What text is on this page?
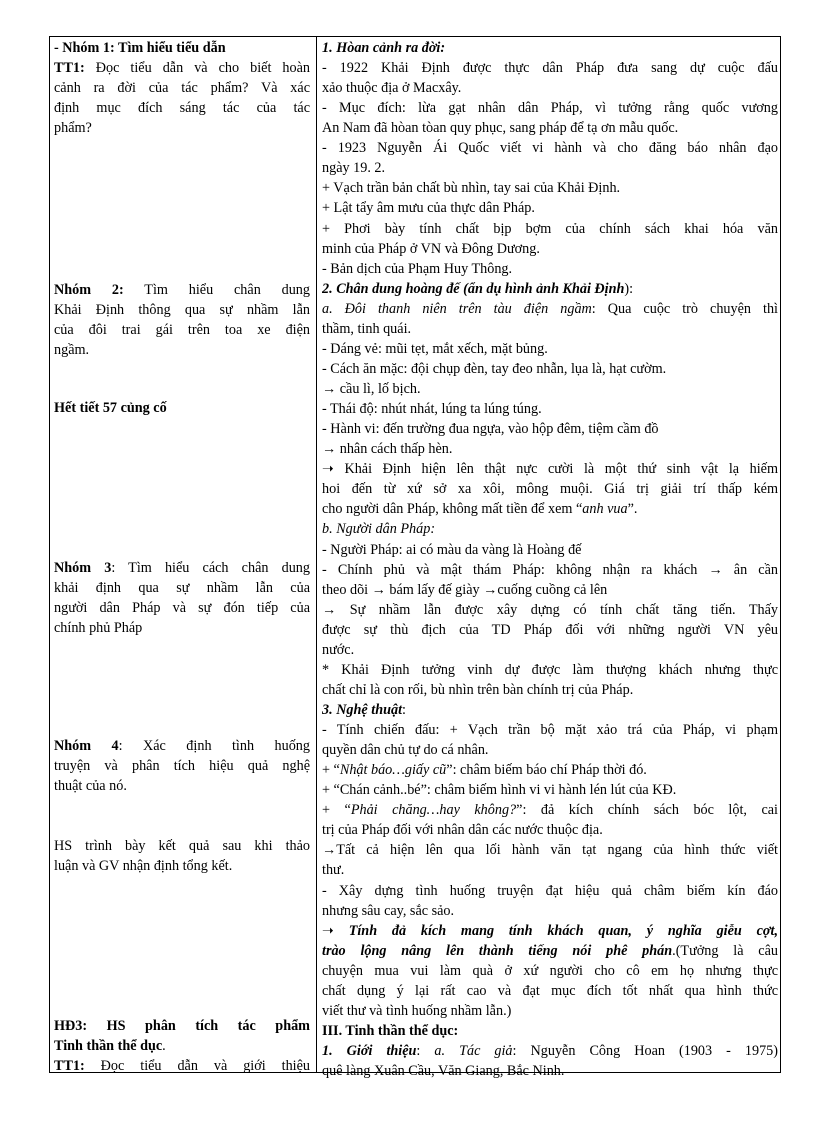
- Nhóm 1: Tìm hiểu tiểu dẫn
TT1: Đọc tiểu dẫn và cho biết hoàn
cảnh ra đời của tác phẩm? Và xác
định mục đích sáng tác của tác
phẩm?
Nhóm 2: Tìm hiểu chân dung
Khải Định thông qua sự nhầm lẫn
của đôi trai gái trên toa xe điện
ngầm.
Hết tiết 57 củng cố
Nhóm 3: Tìm hiểu cách chân dung
khải định qua sự nhầm lẫn của
người dân Pháp và sự đón tiếp của
chính phủ Pháp
Nhóm 4: Xác định tình huống
truyện và phân tích hiệu quả nghệ
thuật của nó.
HS trình bày kết quả sau khi thảo
luận và GV nhận định tổng kết.
HĐ3: HS phân tích tác phẩm
Tinh thần thể dục.
TT1: Đọc tiểu dẫn và giới thiệu
1. Hòan cảnh ra đời:
- 1922 Khải Định được thực dân Pháp đưa sang dự cuộc đấu
xảo thuộc địa ở Macxây.
- Mục đích: lừa gạt nhân dân Pháp, vì tưởng rằng quốc vương
An Nam đã hòan tòan quy phục, sang pháp để tạ ơn mẫu quốc.
- 1923 Nguyễn Ái Quốc viết vi hành và cho đăng báo nhân đạo
ngày 19. 2.
+ Vạch trần bản chất bù nhìn, tay sai của Khải Định.
+ Lật tẩy âm mưu của thực dân Pháp.
+ Phơi bày tính chất bịp bợm của chính sách khai hóa văn
minh của Pháp ở VN và Đông Dương.
- Bản dịch của Phạm Huy Thông.
2. Chân dung hoàng đế (ẩn dụ hình ảnh Khải Định):
a. Đôi thanh niên trên tàu điện ngầm: Qua cuộc trò chuyện thì
thầm, tinh quái.
- Dáng vẻ: mũi tẹt, mắt xếch, mặt bủng.
- Cách ăn mặc: đội chụp đèn, tay đeo nhẫn, lụa là, hạt cườm.
→ cầu lì, lố bịch.
- Thái độ: nhút nhát, lúng ta lúng túng.
- Hành vi: đến trường đua ngựa, vào hộp đêm, tiệm cầm đồ
→ nhân cách thấp hèn.
➝ Khải Định hiện lên thật nực cười là một thứ sinh vật lạ hiếm
hoi đến từ xứ sở xa xôi, mông muội. Giá trị giải trí thấp kém
cho người dân Pháp, không mất tiền để xem “anh vua”.
b. Người dân Pháp:
- Người Pháp: ai có màu da vàng là Hoàng đế
- Chính phủ và mật thám Pháp: không nhận ra khách → ân cần
theo dõi → bám lấy đế giày →cuống cuồng cả lên
→ Sự nhầm lẫn được xây dựng có tính chất tăng tiến. Thấy
được sự thù địch của TD Pháp đối với những người VN yêu
nước.
* Khải Định tưởng vinh dự được làm thượng khách nhưng thực
chất chỉ là con rối, bù nhìn trên bàn chính trị của Pháp.
3. Nghệ thuật:
- Tính chiến đấu: + Vạch trần bộ mặt xảo trá của Pháp, vi phạm
quyền dân chủ tự do cá nhân.
+ “Nhật báo…giấy cũ”: châm biếm báo chí Pháp thời đó.
+ “Chán cảnh..bé”: châm biếm hình vi vi hành lén lút của KĐ.
+ “Phải chăng…hay không?”: đả kích chính sách bóc lột, cai
trị của Pháp đối với nhân dân các nước thuộc địa.
→Tất cả hiện lên qua lối hành văn tạt ngang của hình thức viết
thư.
- Xây dựng tình huống truyện đạt hiệu quả châm biếm kín đáo
nhưng sâu cay, sắc sảo.
➝ Tính đả kích mang tính khách quan, ý nghĩa giễu cợt,
trào lộng nâng lên thành tiếng nói phê phán.(Tưởng là câu
chuyện mua vui làm quà ở xứ người cho cô em họ nhưng thực
chất dụng ý lại rất cao và đạt mục đích tốt nhất qua hình thức
viết thư và tình huống nhầm lẫn.)
III. Tinh thần thể dục:
1. Giới thiệu: a. Tác giả: Nguyễn Công Hoan (1903 - 1975)
quê làng Xuân Cầu, Văn Giang, Bắc Ninh.
